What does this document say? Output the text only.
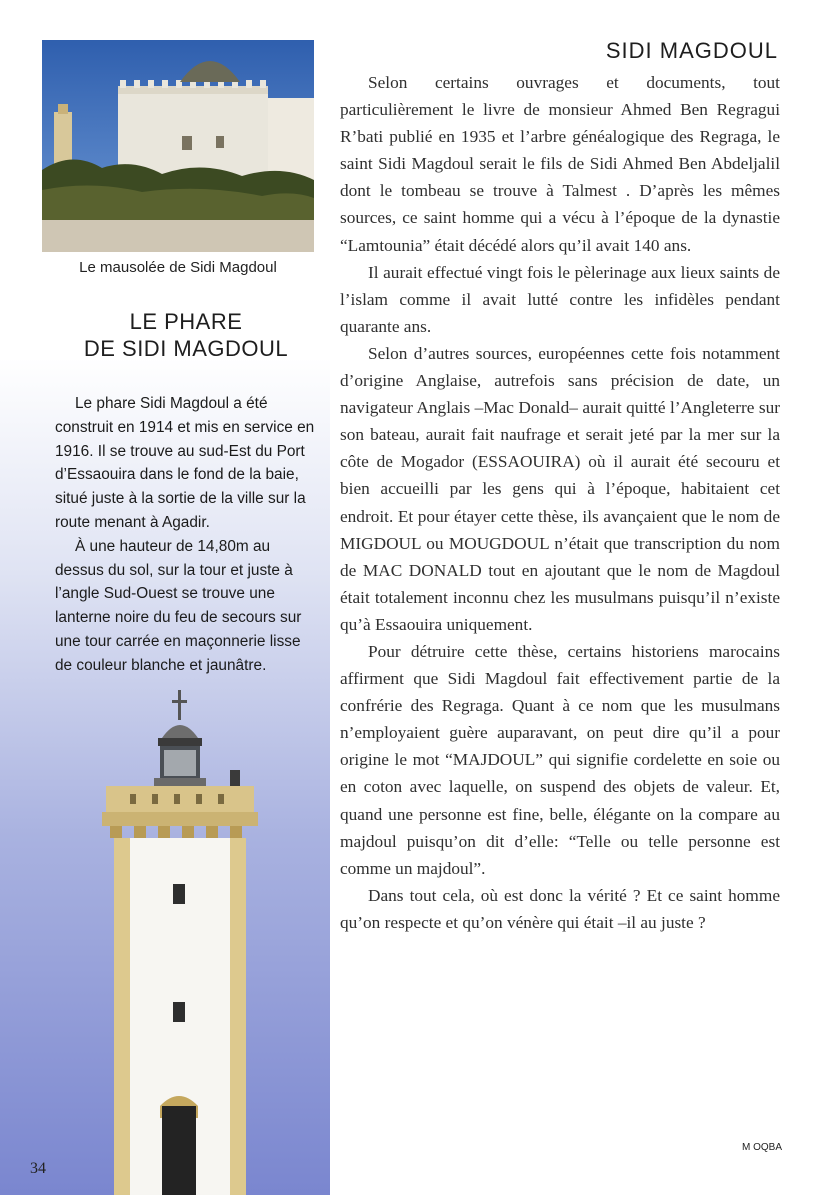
Le mausolée de Sidi Magdoul
LE PHARE
DE SIDI MAGDOUL

Le phare Sidi Magdoul a été construit en 1914 et mis en service en 1916. Il se trouve au sud-Est du Port d’Essaouira dans le fond de la baie, situé juste à la sortie de la ville sur la route menant à Agadir.

À une hauteur de 14,80m au dessus du sol, sur la tour et juste à l’angle Sud-Ouest se trouve une lanterne noire du feu de secours sur une tour carrée en maçonnerie lisse de couleur blanche et jaunâtre.

34
SIDI MAGDOUL

Selon certains ouvrages et documents, tout particulièrement le livre de monsieur Ahmed Ben Regragui R’bati publié en 1935 et l’arbre généalogique des Regraga, le saint Sidi Magdoul serait le fils de Sidi Ahmed Ben Abdeljalil dont le tombeau se trouve à Talmest . D’après les mêmes sources, ce saint homme qui a vécu à l’époque de la dynastie “Lamtounia” était décédé alors qu’il avait 140 ans.

Il aurait effectué vingt fois le pèlerinage aux lieux saints de l’islam comme il avait lutté contre les infidèles pendant quarante ans.

Selon d’autres sources, européennes cette fois notamment d’origine Anglaise, autrefois sans précision de date, un navigateur Anglais –Mac Donald– aurait quitté l’Angleterre sur son bateau, aurait fait naufrage et serait jeté par la mer sur la côte de Mogador (ESSAOUIRA) où il aurait été secouru et bien accueilli par les gens qui à l’époque, habitaient cet endroit. Et pour étayer cette thèse, ils avançaient que le nom de MIGDOUL ou MOUGDOUL n’était que transcription du nom de MAC DONALD tout en ajoutant que le nom de Magdoul était totalement inconnu chez les musulmans puisqu’il n’existe qu’à Essaouira uniquement.

Pour détruire cette thèse, certains historiens marocains affirment que Sidi Magdoul fait effectivement partie de la confrérie des Regraga. Quant à ce nom que les musulmans n’employaient guère auparavant, on peut dire qu’il a pour origine le mot “MAJDOUL” qui signifie cordelette en soie ou en coton avec laquelle, on suspend des objets de valeur. Et, quand une personne est fine, belle, élégante on la compare au majdoul puisqu’on dit d’elle: “Telle ou telle personne est comme un majdoul”.

Dans tout cela, où est donc la vérité ? Et ce saint homme qu’on respecte et qu’on vénère qui était –il au juste ?

M OQBA
